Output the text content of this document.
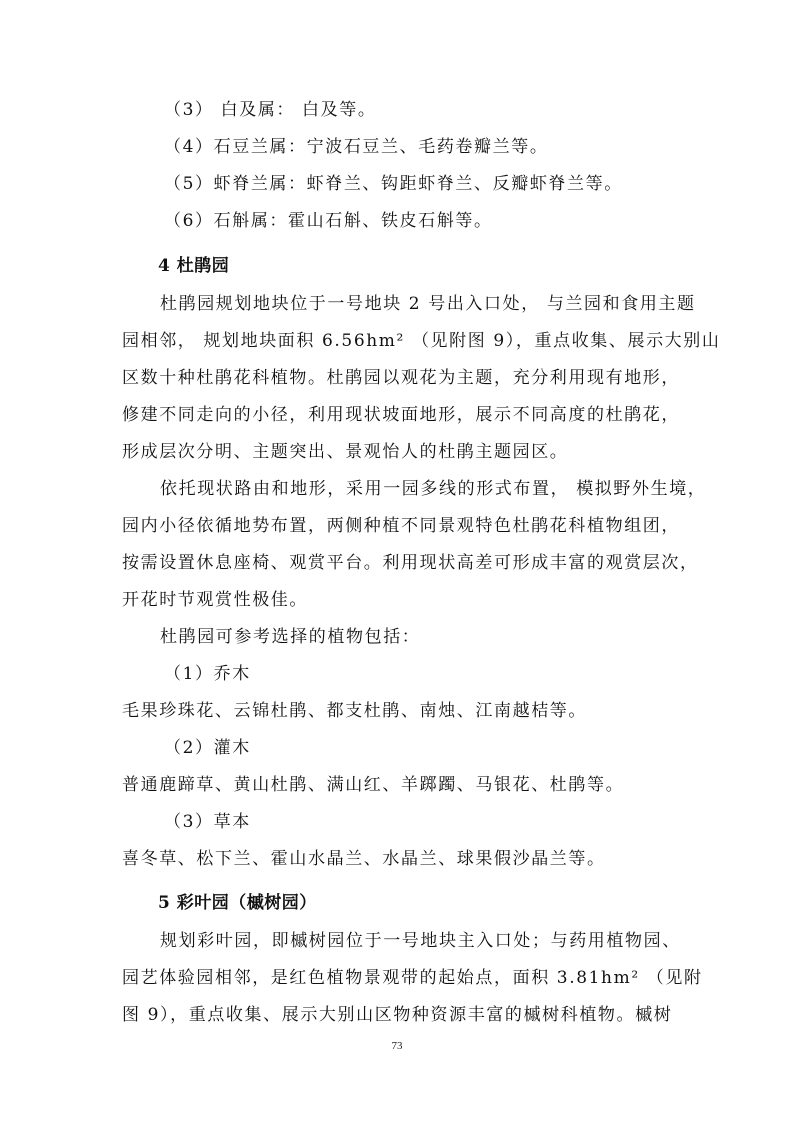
（3） 白及属： 白及等。
（4）石豆兰属：宁波石豆兰、毛药卷瓣兰等。
（5）虾脊兰属：虾脊兰、钩距虾脊兰、反瓣虾脊兰等。
（6）石斛属：霍山石斛、铁皮石斛等。
4 杜鹃园
杜鹃园规划地块位于一号地块 2 号出入口处， 与兰园和食用主题
园相邻， 规划地块面积 6.56hm² （见附图 9），重点收集、展示大别山
区数十种杜鹃花科植物。杜鹃园以观花为主题，充分利用现有地形，
修建不同走向的小径，利用现状坡面地形，展示不同高度的杜鹃花，
形成层次分明、主题突出、景观怡人的杜鹃主题园区。
依托现状路由和地形，采用一园多线的形式布置， 模拟野外生境，
园内小径依循地势布置，两侧种植不同景观特色杜鹃花科植物组团，
按需设置休息座椅、观赏平台。利用现状高差可形成丰富的观赏层次，
开花时节观赏性极佳。
杜鹃园可参考选择的植物包括：
（1）乔木
毛果珍珠花、云锦杜鹃、都支杜鹃、南烛、江南越桔等。
（2）灌木
普通鹿蹄草、黄山杜鹃、满山红、羊踯躅、马银花、杜鹃等。
（3）草本
喜冬草、松下兰、霍山水晶兰、水晶兰、球果假沙晶兰等。
5 彩叶园（槭树园）
规划彩叶园，即槭树园位于一号地块主入口处；与药用植物园、
园艺体验园相邻，是红色植物景观带的起始点，面积 3.81hm² （见附
图 9），重点收集、展示大别山区物种资源丰富的槭树科植物。槭树
73
